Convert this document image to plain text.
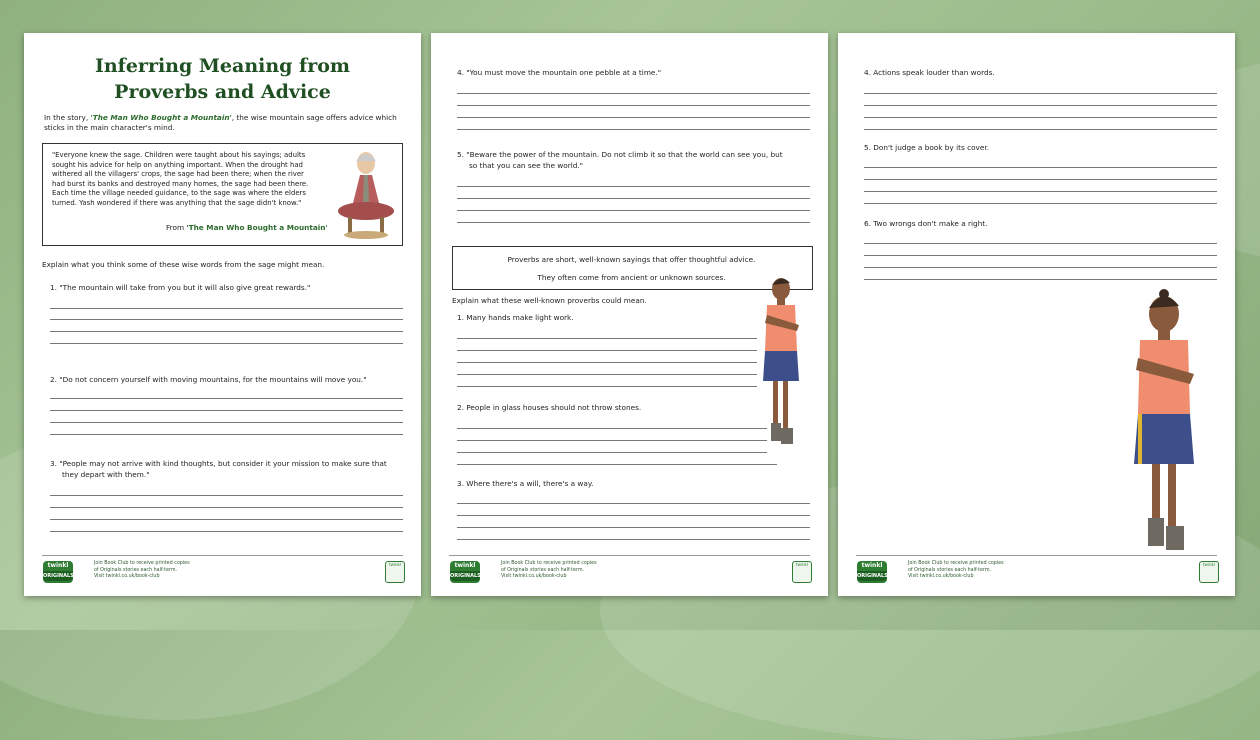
Inferring Meaning from
Proverbs and Advice
In the story, 'The Man Who Bought a Mountain', the wise mountain sage offers advice which
sticks in the main character's mind.
"Everyone knew the sage. Children were taught about his sayings; adults
sought his advice for help on anything important. When the drought had
withered all the villagers' crops, the sage had been there; when the river
had burst its banks and destroyed many homes, the sage had been there.
Each time the village needed guidance, to the sage was where the elders
turned. Yash wondered if there was anything that the sage didn't know."
From 'The Man Who Bought a Mountain'
Explain what you think some of these wise words from the sage might mean.
1. "The mountain will take from you but it will also give great rewards."
2. "Do not concern yourself with moving mountains, for the mountains will move you."
3. "People may not arrive with kind thoughts, but consider it your mission to make sure that
they depart with them."
twinkl
ORIGINALS
Join Book Club to receive printed copies
of Originals stories each half-term.
Visit twinkl.co.uk/book-club
twinkl
4. "You must move the mountain one pebble at a time."
5. "Beware the power of the mountain. Do not climb it so that the world can see you, but
so that you can see the world."
Proverbs are short, well-known sayings that offer thoughtful advice.
They often come from ancient or unknown sources.
Explain what these well-known proverbs could mean.
1. Many hands make light work.
2. People in glass houses should not throw stones.
3. Where there's a will, there's a way.
twinkl
ORIGINALS
Join Book Club to receive printed copies
of Originals stories each half-term.
Visit twinkl.co.uk/book-club
twinkl
4. Actions speak louder than words.
5. Don't judge a book by its cover.
6. Two wrongs don't make a right.
twinkl
ORIGINALS
Join Book Club to receive printed copies
of Originals stories each half-term.
Visit twinkl.co.uk/book-club
twinkl
